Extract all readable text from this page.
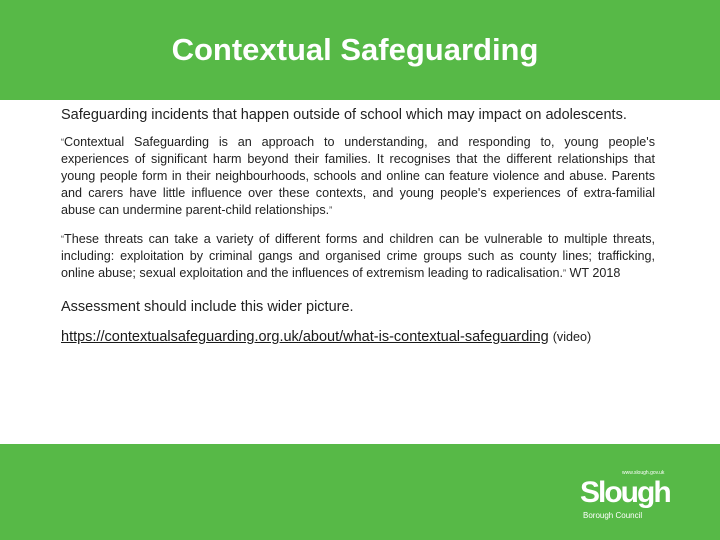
Contextual Safeguarding

Safeguarding incidents that happen outside of school which may impact on adolescents.

“Contextual Safeguarding is an approach to understanding, and responding to, young people's experiences of significant harm beyond their families. It recognises that the different relationships that young people form in their neighbourhoods, schools and online can feature violence and abuse. Parents and carers have little influence over these contexts, and young people's experiences of extra-familial abuse can undermine parent-child relationships.”

“These threats can take a variety of different forms and children can be vulnerable to multiple threats, including: exploitation by criminal gangs and organised crime groups such as county lines; trafficking, online abuse; sexual exploitation and the influences of extremism leading to radicalisation.” WT 2018

Assessment should include this wider picture.

https://contextualsafeguarding.org.uk/about/what-is-contextual-safeguarding (video)

www.slough.gov.uk
Slough
Borough Council
